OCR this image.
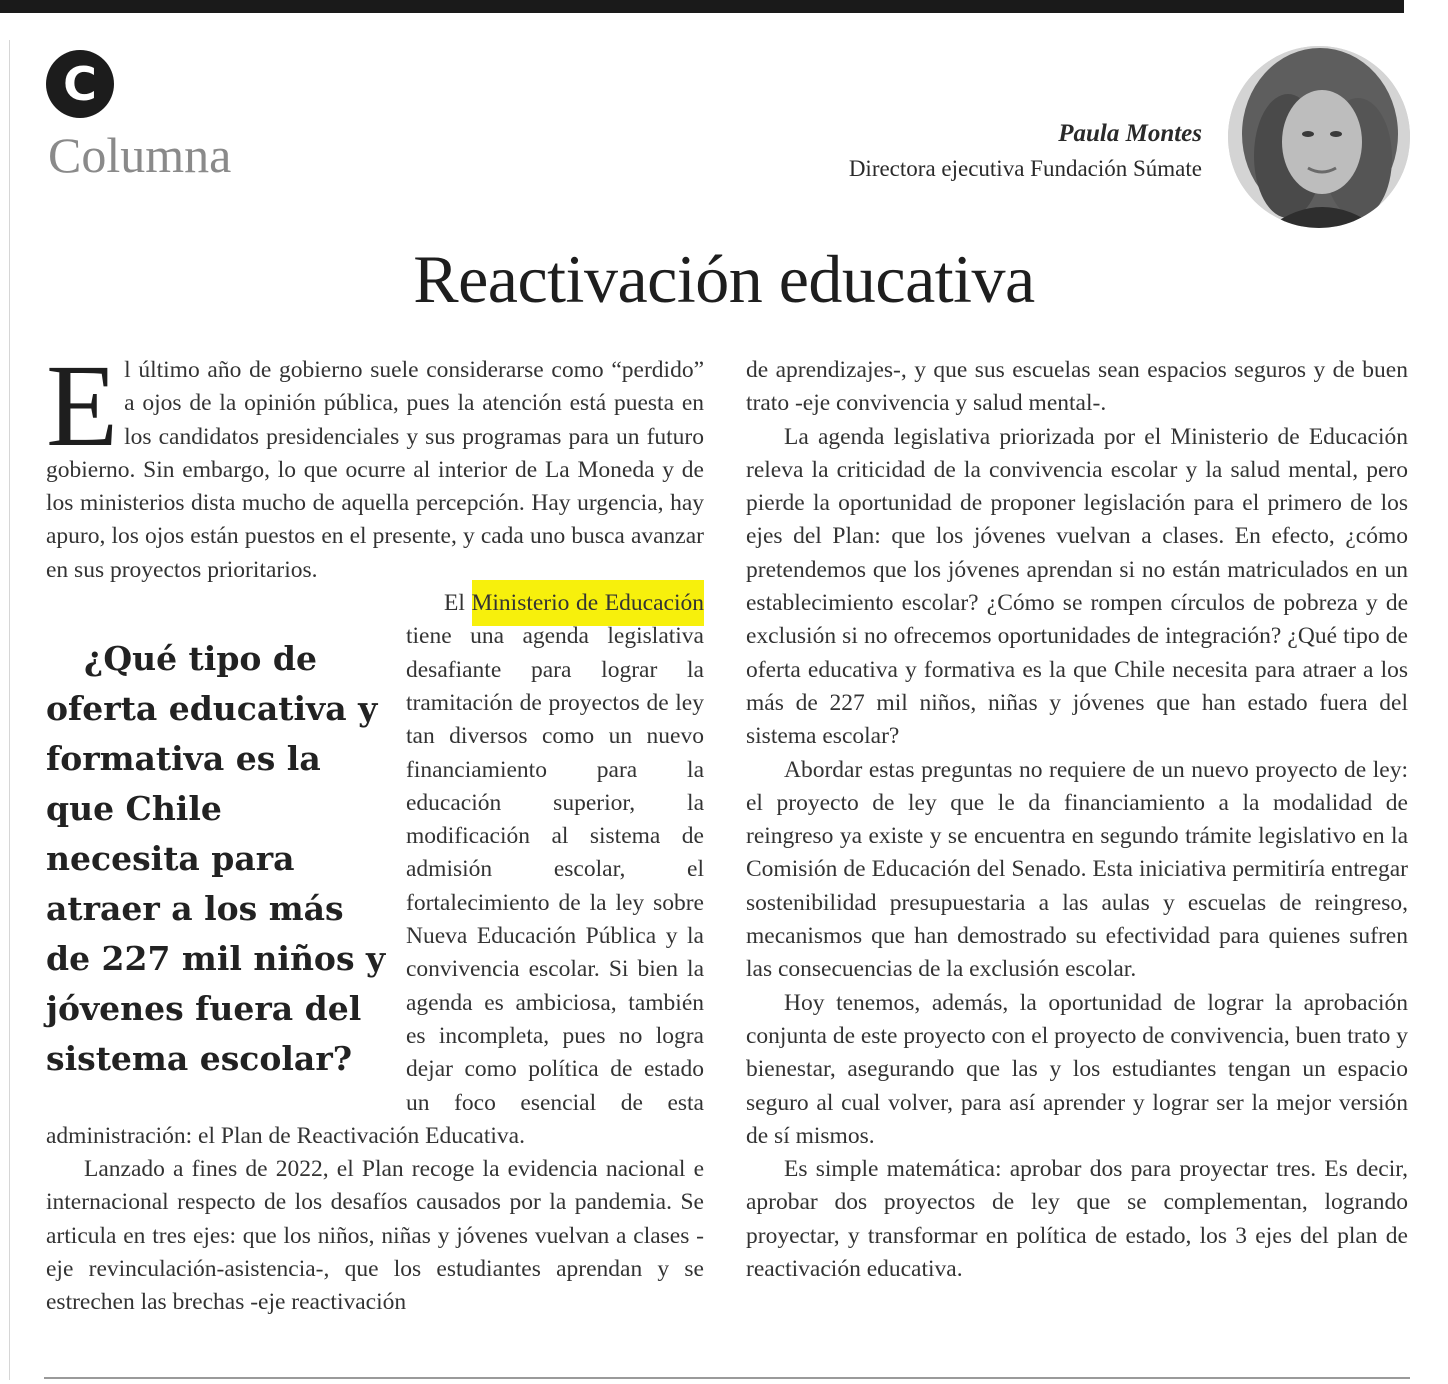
C
Columna	Paula Montes
Directora ejecutiva Fundación Súmate
Reactivación educativa

El último año de gobierno suele considerarse como “perdido” a ojos de la opinión pública, pues la atención está puesta en los candidatos presidenciales y sus programas para un futuro gobierno. Sin embargo, lo que ocurre al interior de La Moneda y de los ministerios dista mucho de aquella percepción. Hay urgencia, hay apuro, los ojos están puestos en el presente, y cada uno busca avanzar en sus proyectos prioritarios.

El Ministerio de Educación
¿Qué tipo de oferta educativa y formativa es la que Chile necesita para atraer a los más de 227 mil niños y jóvenes fuera del sistema escolar?
tiene una agenda legislativa desafiante para lograr la tramitación de proyectos de ley tan diversos como un nuevo financiamiento para la educación superior, la modificación al sistema de admisión escolar, el fortalecimiento de la ley sobre Nueva Educación Pública y la convivencia escolar. Si bien la agenda es ambiciosa, también es incompleta, pues no logra dejar como política de estado un foco esencial de esta administración: el Plan de Reactivación Educativa.

Lanzado a fines de 2022, el Plan recoge la evidencia nacional e internacional respecto de los desafíos causados por la pandemia. Se articula en tres ejes: que los niños, niñas y jóvenes vuelvan a clases -eje revinculación-asistencia-, que los estudiantes aprendan y se estrechen las brechas -eje reactivación

de aprendizajes-, y que sus escuelas sean espacios seguros y de buen trato -eje convivencia y salud mental-.

La agenda legislativa priorizada por el Ministerio de Educación releva la criticidad de la convivencia escolar y la salud mental, pero pierde la oportunidad de proponer legislación para el primero de los ejes del Plan: que los jóvenes vuelvan a clases. En efecto, ¿cómo pretendemos que los jóvenes aprendan si no están matriculados en un establecimiento escolar? ¿Cómo se rompen círculos de pobreza y de exclusión si no ofrecemos oportunidades de integración? ¿Qué tipo de oferta educativa y formativa es la que Chile necesita para atraer a los más de 227 mil niños, niñas y jóvenes que han estado fuera del sistema escolar?

Abordar estas preguntas no requiere de un nuevo proyecto de ley: el proyecto de ley que le da financiamiento a la modalidad de reingreso ya existe y se encuentra en segundo trámite legislativo en la Comisión de Educación del Senado. Esta iniciativa permitiría entregar sostenibilidad presupuestaria a las aulas y escuelas de reingreso, mecanismos que han demostrado su efectividad para quienes sufren las consecuencias de la exclusión escolar.

Hoy tenemos, además, la oportunidad de lograr la aprobación conjunta de este proyecto con el proyecto de convivencia, buen trato y bienestar, asegurando que las y los estudiantes tengan un espacio seguro al cual volver, para así aprender y lograr ser la mejor versión de sí mismos.

Es simple matemática: aprobar dos para proyectar tres. Es decir, aprobar dos proyectos de ley que se complementan, logrando proyectar, y transformar en política de estado, los 3 ejes del plan de reactivación educativa.
